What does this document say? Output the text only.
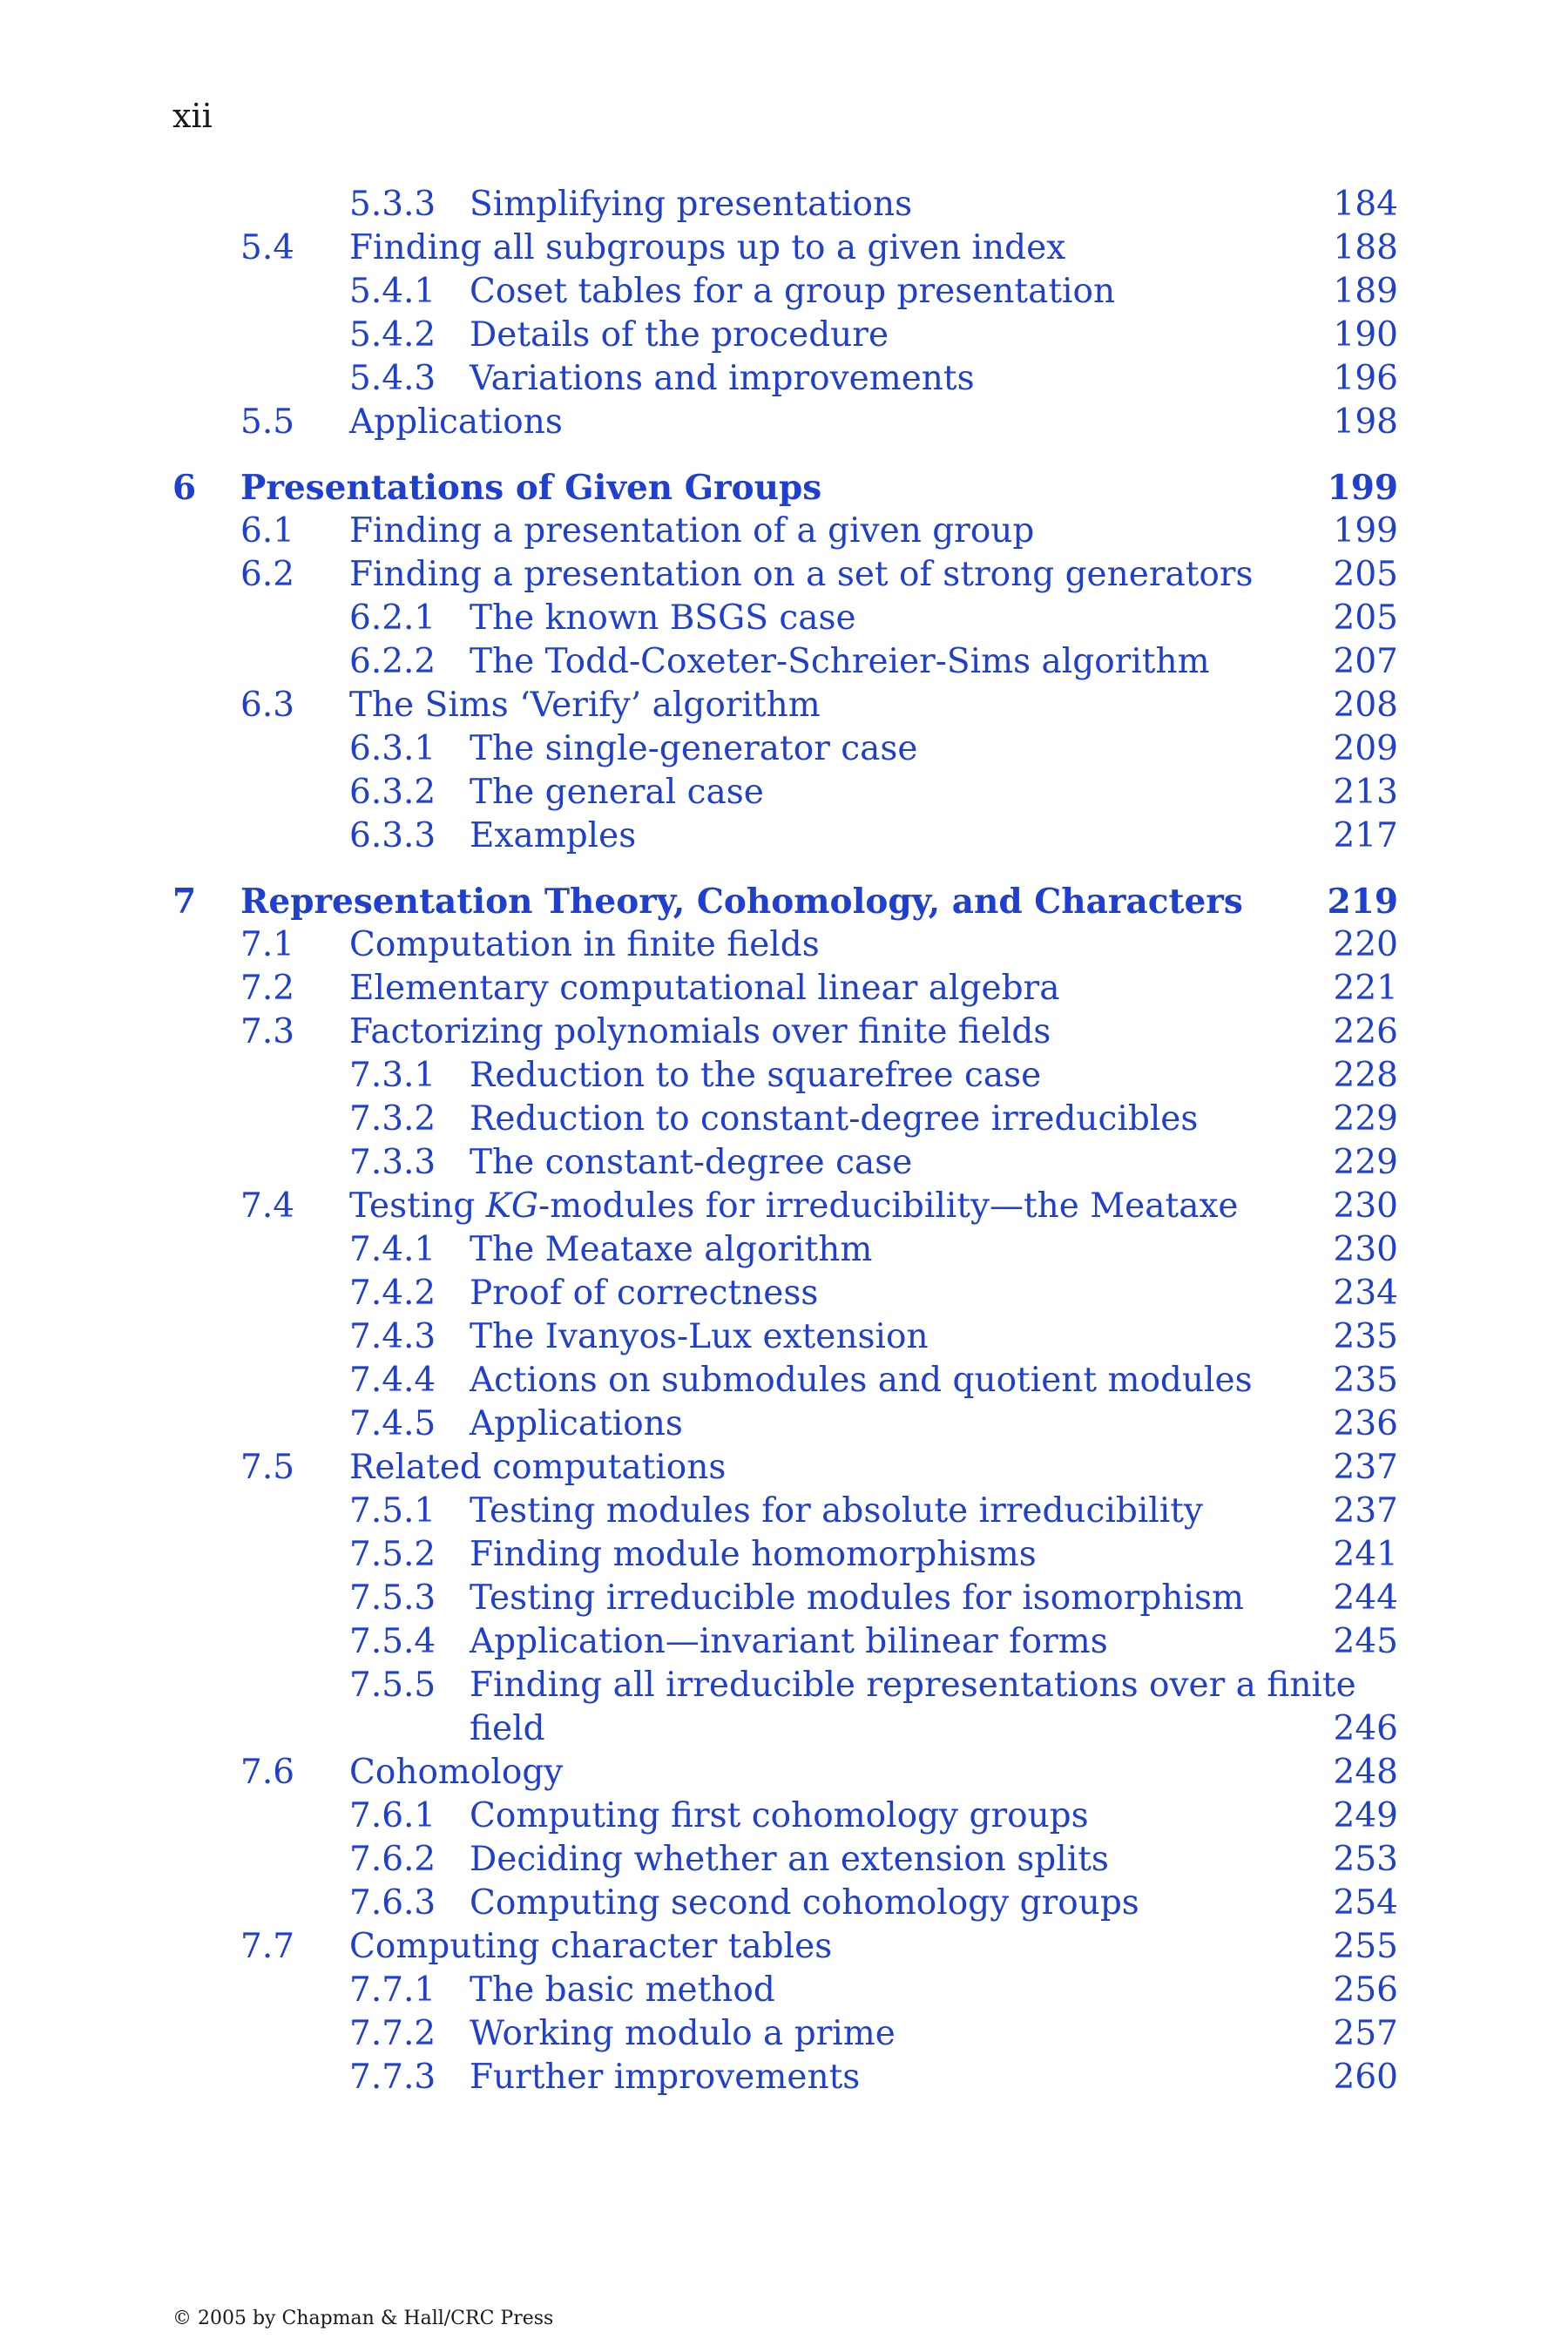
xii
5.3.3 Simplifying presentations	184
5.4 Finding all subgroups up to a given index	188
5.4.1 Coset tables for a group presentation	189
5.4.2 Details of the procedure	190
5.4.3 Variations and improvements	196
5.5 Applications	198
6 Presentations of Given Groups	199
6.1 Finding a presentation of a given group	199
6.2 Finding a presentation on a set of strong generators 205
6.2.1 The known BSGS case	205
6.2.2 The Todd-Coxeter-Schreier-Sims algorithm	207
6.3 The Sims ‘Verify’ algorithm	208
6.3.1 The single-generator case	209
6.3.2 The general case	213
6.3.3 Examples	217
7 Representation Theory, Cohomology, and Characters 219
7.1 Computation in finite fields	220
7.2 Elementary computational linear algebra	221
7.3 Factorizing polynomials over finite fields	226
7.3.1 Reduction to the squarefree case	228
7.3.2 Reduction to constant-degree irreducibles	229
7.3.3 The constant-degree case	229
7.4 Testing KG-modules for irreducibility—the Meataxe	230
7.4.1 The Meataxe algorithm	230
7.4.2 Proof of correctness	234
7.4.3 The Ivanyos-Lux extension	235
7.4.4 Actions on submodules and quotient modules 235
7.4.5 Applications	236
7.5 Related computations	237
7.5.1 Testing modules for absolute irreducibility	237
7.5.2 Finding module homomorphisms	241
7.5.3 Testing irreducible modules for isomorphism	244
7.5.4 Application—invariant bilinear forms	245
7.5.5 Finding all irreducible representations over a finite
field	246
7.6 Cohomology	248
7.6.1 Computing first cohomology groups	249
7.6.2 Deciding whether an extension splits	253
7.6.3 Computing second cohomology groups	254
7.7 Computing character tables	255
7.7.1 The basic method	256
7.7.2 Working modulo a prime	257
7.7.3 Further improvements	260
© 2005 by Chapman & Hall/CRC Press
